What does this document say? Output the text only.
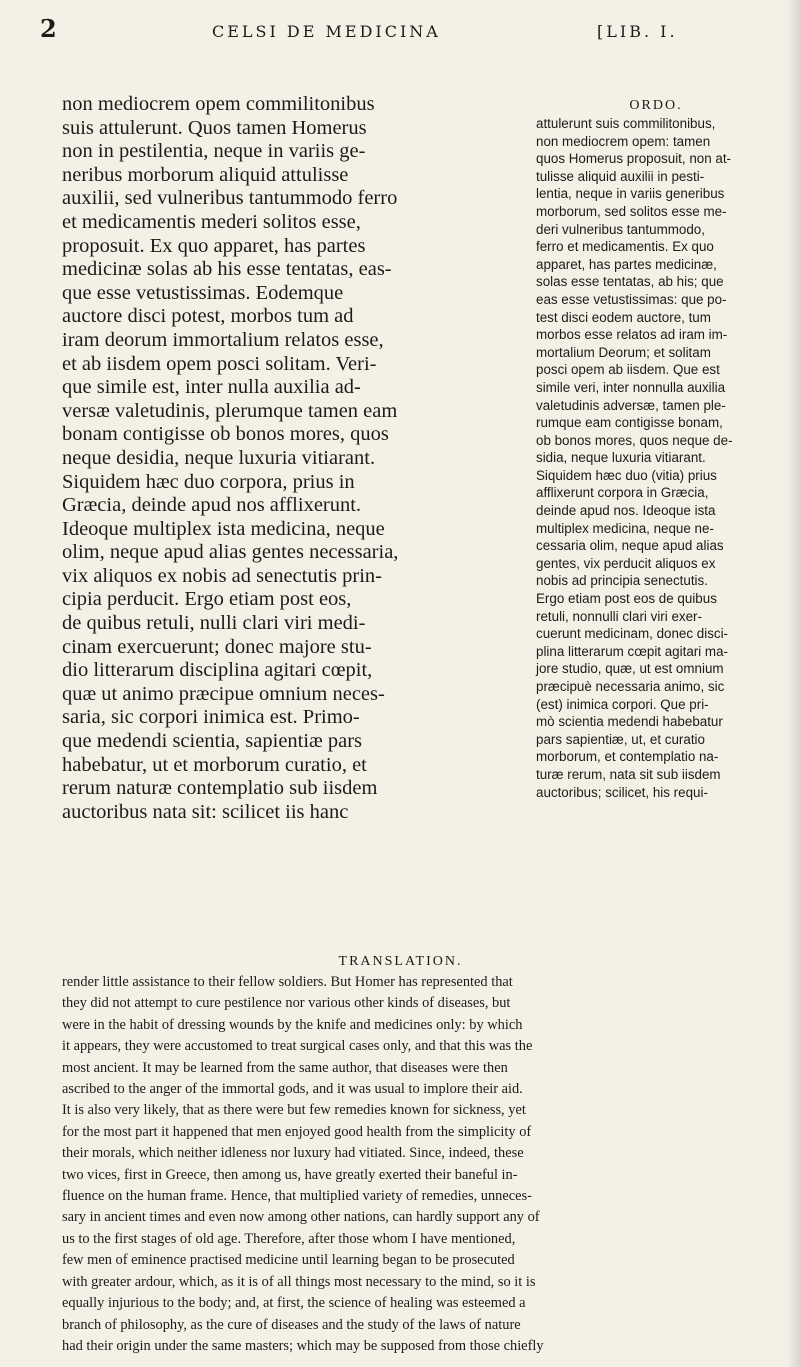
2	CELSI DE MEDICINA	[LIB. I.
non mediocrem opem commilitonibus
suis attulerunt. Quos tamen Homerus
non in pestilentia, neque in variis ge-
neribus morborum aliquid attulisse
auxilii, sed vulneribus tantummodo ferro
et medicamentis mederi solitos esse,
proposuit. Ex quo apparet, has partes
medicinæ solas ab his esse tentatas, eas-
que esse vetustissimas. Eodemque
auctore disci potest, morbos tum ad
iram deorum immortalium relatos esse,
et ab iisdem opem posci solitam. Veri-
que simile est, inter nulla auxilia ad-
versæ valetudinis, plerumque tamen eam
bonam contigisse ob bonos mores, quos
neque desidia, neque luxuria vitiarant.
Siquidem hæc duo corpora, prius in
Græcia, deinde apud nos afflixerunt.
Ideoque multiplex ista medicina, neque
olim, neque apud alias gentes necessaria,
vix aliquos ex nobis ad senectutis prin-
cipia perducit. Ergo etiam post eos,
de quibus retuli, nulli clari viri medi-
cinam exercuerunt; donec majore stu-
dio litterarum disciplina agitari cœpit,
quæ ut animo præcipue omnium neces-
saria, sic corpori inimica est. Primo-
que medendi scientia, sapientiæ pars
habebatur, ut et morborum curatio, et
rerum naturæ contemplatio sub iisdem
auctoribus nata sit: scilicet iis hanc
ORDO.
attulerunt suis commilitonibus,
non mediocrem opem: tamen
quos Homerus proposuit, non at-
tulisse aliquid auxilii in pesti-
lentia, neque in variis generibus
morborum, sed solitos esse me-
deri vulneribus tantummodo,
ferro et medicamentis. Ex quo
apparet, has partes medicinæ,
solas esse tentatas, ab his; que
eas esse vetustissimas: que po-
test disci eodem auctore, tum
morbos esse relatos ad iram im-
mortalium Deorum; et solitam
posci opem ab iisdem. Que est
simile veri, inter nonnulla auxilia
valetudinis adversæ, tamen ple-
rumque eam contigisse bonam,
ob bonos mores, quos neque de-
sidia, neque luxuria vitiarant.
Siquidem hæc duo (vitia) prius
afflixerunt corpora in Græcia,
deinde apud nos. Ideoque ista
multiplex medicina, neque ne-
cessaria olim, neque apud alias
gentes, vix perducit aliquos ex
nobis ad principia senectutis.
Ergo etiam post eos de quibus
retuli, nonnulli clari viri exer-
cuerunt medicinam, donec disci-
plina litterarum cœpit agitari ma-
jore studio, quæ, ut est omnium
præcipuè necessaria animo, sic
(est) inimica corpori. Que pri-
mò scientia medendi habebatur
pars sapientiæ, ut, et curatio
morborum, et contemplatio na-
turæ rerum, nata sit sub iisdem
auctoribus; scilicet, his requi-
TRANSLATION.
render little assistance to their fellow soldiers. But Homer has represented that
they did not attempt to cure pestilence nor various other kinds of diseases, but
were in the habit of dressing wounds by the knife and medicines only: by which
it appears, they were accustomed to treat surgical cases only, and that this was the
most ancient. It may be learned from the same author, that diseases were then
ascribed to the anger of the immortal gods, and it was usual to implore their aid.
It is also very likely, that as there were but few remedies known for sickness, yet
for the most part it happened that men enjoyed good health from the simplicity of
their morals, which neither idleness nor luxury had vitiated. Since, indeed, these
two vices, first in Greece, then among us, have greatly exerted their baneful in-
fluence on the human frame. Hence, that multiplied variety of remedies, unneces-
sary in ancient times and even now among other nations, can hardly support any of
us to the first stages of old age. Therefore, after those whom I have mentioned,
few men of eminence practised medicine until learning began to be prosecuted
with greater ardour, which, as it is of all things most necessary to the mind, so it is
equally injurious to the body; and, at first, the science of healing was esteemed a
branch of philosophy, as the cure of diseases and the study of the laws of nature
had their origin under the same masters; which may be supposed from those chiefly
